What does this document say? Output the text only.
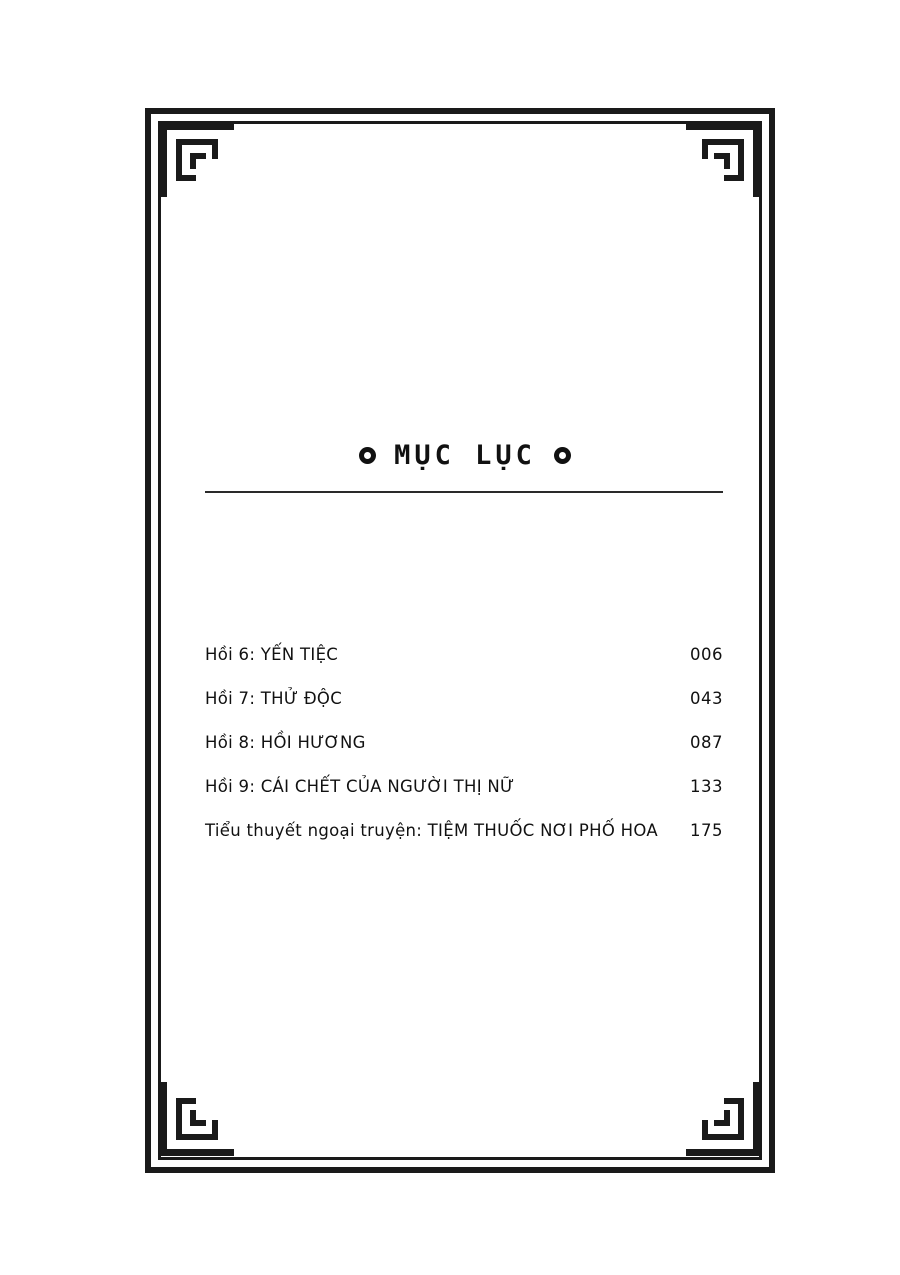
MỤC LỤC
Hồi 6: YẾN TIỆC	006
Hồi 7: THỬ ĐỘC	043
Hồi 8: HỒI HƯƠNG	087
Hồi 9: CÁI CHẾT CỦA NGƯỜI THỊ NỮ	133
Tiểu thuyết ngoại truyện: TIỆM THUỐC NƠI PHỐ HOA 175
